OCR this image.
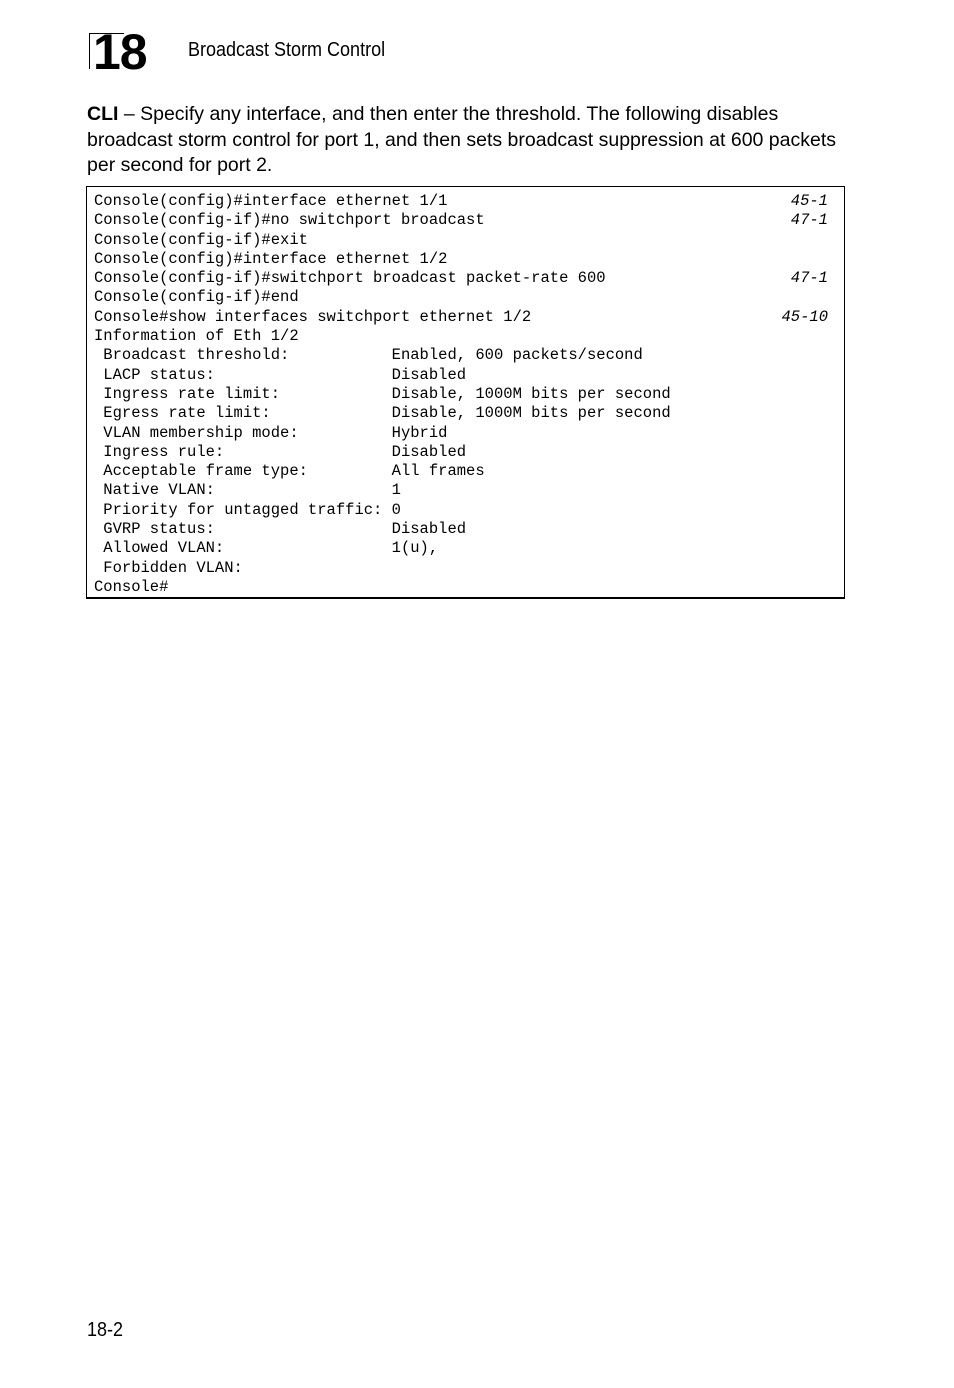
18 Broadcast Storm Control

CLI – Specify any interface, and then enter the threshold. The following disables broadcast storm control for port 1, and then sets broadcast suppression at 600 packets per second for port 2.

Console(config)#interface ethernet 1/1	45-1
Console(config-if)#no switchport broadcast	47-1
Console(config-if)#exit
Console(config)#interface ethernet 1/2
Console(config-if)#switchport broadcast packet-rate 600	47-1
Console(config-if)#end
Console#show interfaces switchport ethernet 1/2	45-10
Information of Eth 1/2
Broadcast threshold:           Enabled, 600 packets/second
LACP status:                   Disabled
Ingress rate limit:            Disable, 1000M bits per second
Egress rate limit:             Disable, 1000M bits per second
VLAN membership mode:          Hybrid
Ingress rule:                  Disabled
Acceptable frame type:         All frames
Native VLAN:                   1
Priority for untagged traffic: 0
GVRP status:                   Disabled
Allowed VLAN:                  1(u),
Forbidden VLAN:
Console#
18-2
